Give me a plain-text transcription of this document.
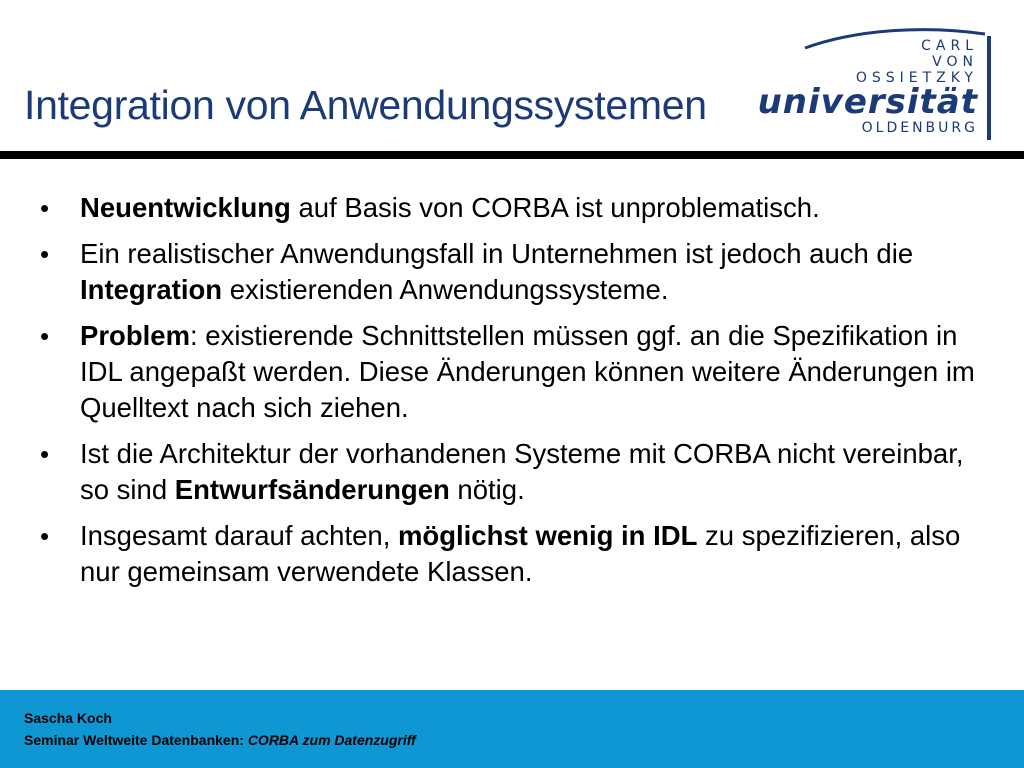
Integration von Anwendungssystemen
CARL
VON
OSSIETZKY
universität
OLDENBURG
• Neuentwicklung auf Basis von CORBA ist unproblematisch.
• Ein realistischer Anwendungsfall in Unternehmen ist jedoch auch die Integration existierenden Anwendungssysteme.
• Problem: existierende Schnittstellen müssen ggf. an die Spezifikation in IDL angepaßt werden. Diese Änderungen können weitere Änderungen im Quelltext nach sich ziehen.
• Ist die Architektur der vorhandenen Systeme mit CORBA nicht vereinbar, so sind Entwurfsänderungen nötig.
• Insgesamt darauf achten, möglichst wenig in IDL zu spezifizieren, also nur gemeinsam verwendete Klassen.
Sascha Koch
Seminar Weltweite Datenbanken: CORBA zum Datenzugriff
